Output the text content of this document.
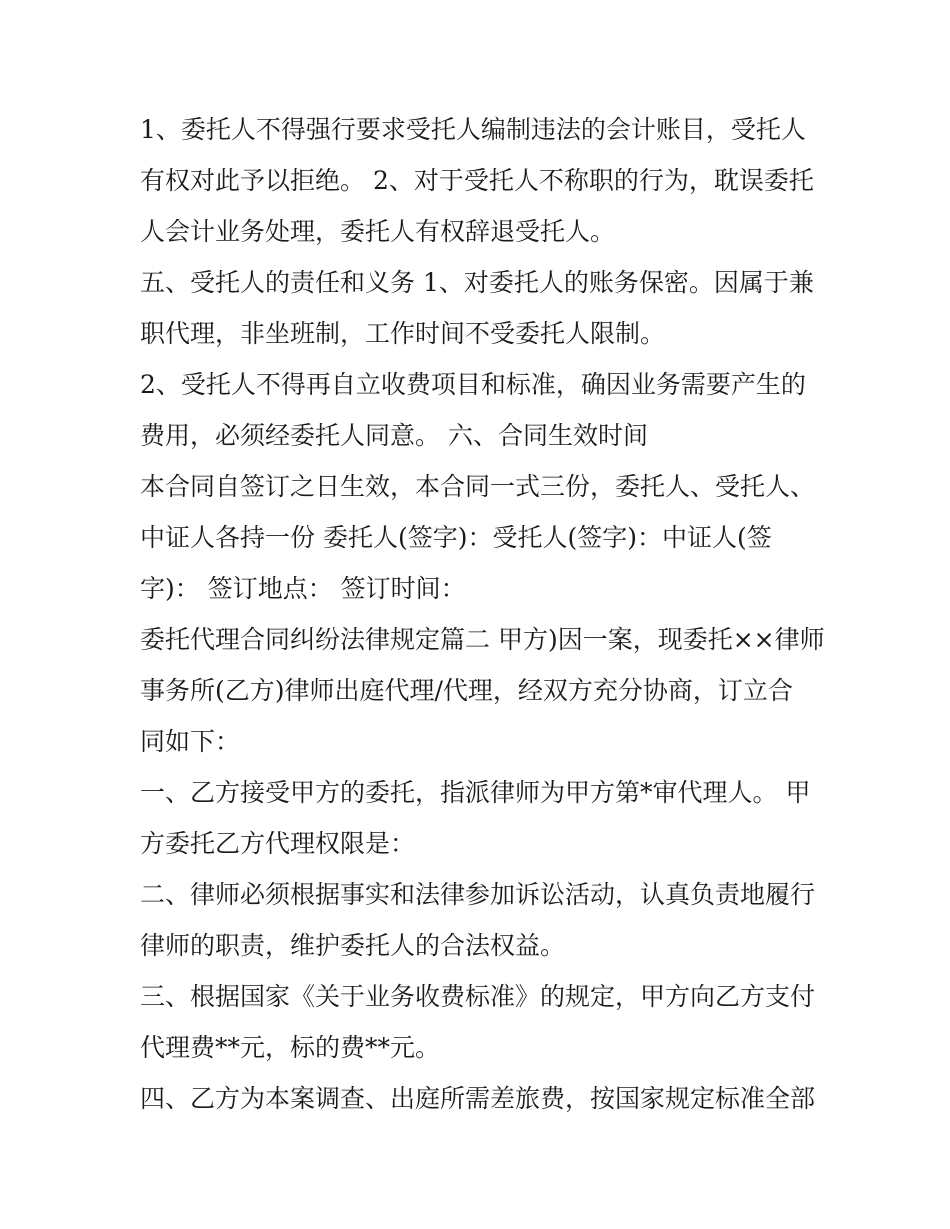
1、委托人不得强行要求受托人编制违法的会计账目，受托人
有权对此予以拒绝。 2、对于受托人不称职的行为，耽误委托
人会计业务处理，委托人有权辞退受托人。
五、受托人的责任和义务 1、对委托人的账务保密。因属于兼
职代理，非坐班制，工作时间不受委托人限制。
2、受托人不得再自立收费项目和标准，确因业务需要产生的
费用，必须经委托人同意。 六、合同生效时间
本合同自签订之日生效，本合同一式三份，委托人、受托人、
中证人各持一份 委托人(签字)：受托人(签字)：中证人(签
字)： 签订地点： 签订时间：
委托代理合同纠纷法律规定篇二 甲方)因一案，现委托××律师
事务所(乙方)律师出庭代理/代理，经双方充分协商，订立合
同如下：
一、乙方接受甲方的委托，指派律师为甲方第*审代理人。 甲
方委托乙方代理权限是：
二、律师必须根据事实和法律参加诉讼活动，认真负责地履行
律师的职责，维护委托人的合法权益。
三、根据国家《关于业务收费标准》的规定，甲方向乙方支付
代理费**元，标的费**元。
四、乙方为本案调查、出庭所需差旅费，按国家规定标准全部
